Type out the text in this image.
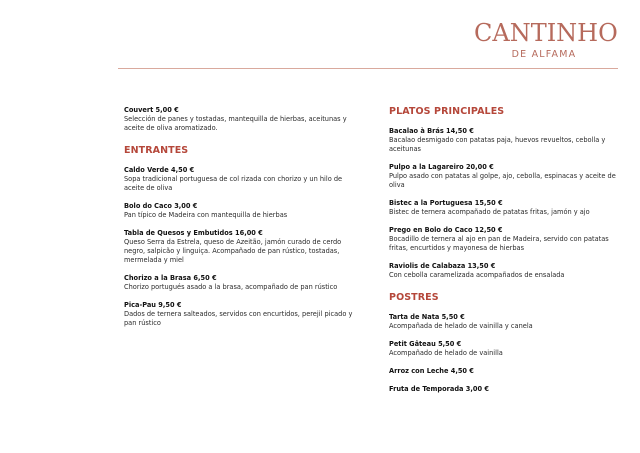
CANTINHO
DE ALFAMA
Couvert 5,00 €
Selección de panes y tostadas, mantequilla de hierbas, aceitunas y aceite de oliva aromatizado.
ENTRANTES
Caldo Verde 4,50 €
Sopa tradicional portuguesa de col rizada con chorizo y un hilo de aceite de oliva
Bolo do Caco 3,00 €
Pan típico de Madeira con mantequilla de hierbas
Tabla de Quesos y Embutidos 16,00 €
Queso Serra da Estrela, queso de Azeitão, jamón curado de cerdo negro, salpicão y linguiça. Acompañado de pan rústico, tostadas, mermelada y miel
Chorizo a la Brasa 6,50 €
Chorizo portugués asado a la brasa, acompañado de pan rústico
Pica-Pau 9,50 €
Dados de ternera salteados, servidos con encurtidos, perejil picado y pan rústico
PLATOS PRINCIPALES
Bacalao à Brás 14,50 €
Bacalao desmigado con patatas paja, huevos revueltos, cebolla y aceitunas
Pulpo a la Lagareiro 20,00 €
Pulpo asado con patatas al golpe, ajo, cebolla, espinacas y aceite de oliva
Bistec a la Portuguesa 15,50 €
Bistec de ternera acompañado de patatas fritas, jamón y ajo
Prego en Bolo do Caco 12,50 €
Bocadillo de ternera al ajo en pan de Madeira, servido con patatas fritas, encurtidos y mayonesa de hierbas
Raviolis de Calabaza 13,50 €
Con cebolla caramelizada acompañados de ensalada
POSTRES
Tarta de Nata 5,50 €
Acompañada de helado de vainilla y canela
Petit Gâteau 5,50 €
Acompañado de helado de vainilla
Arroz con Leche 4,50 €
Fruta de Temporada 3,00 €
